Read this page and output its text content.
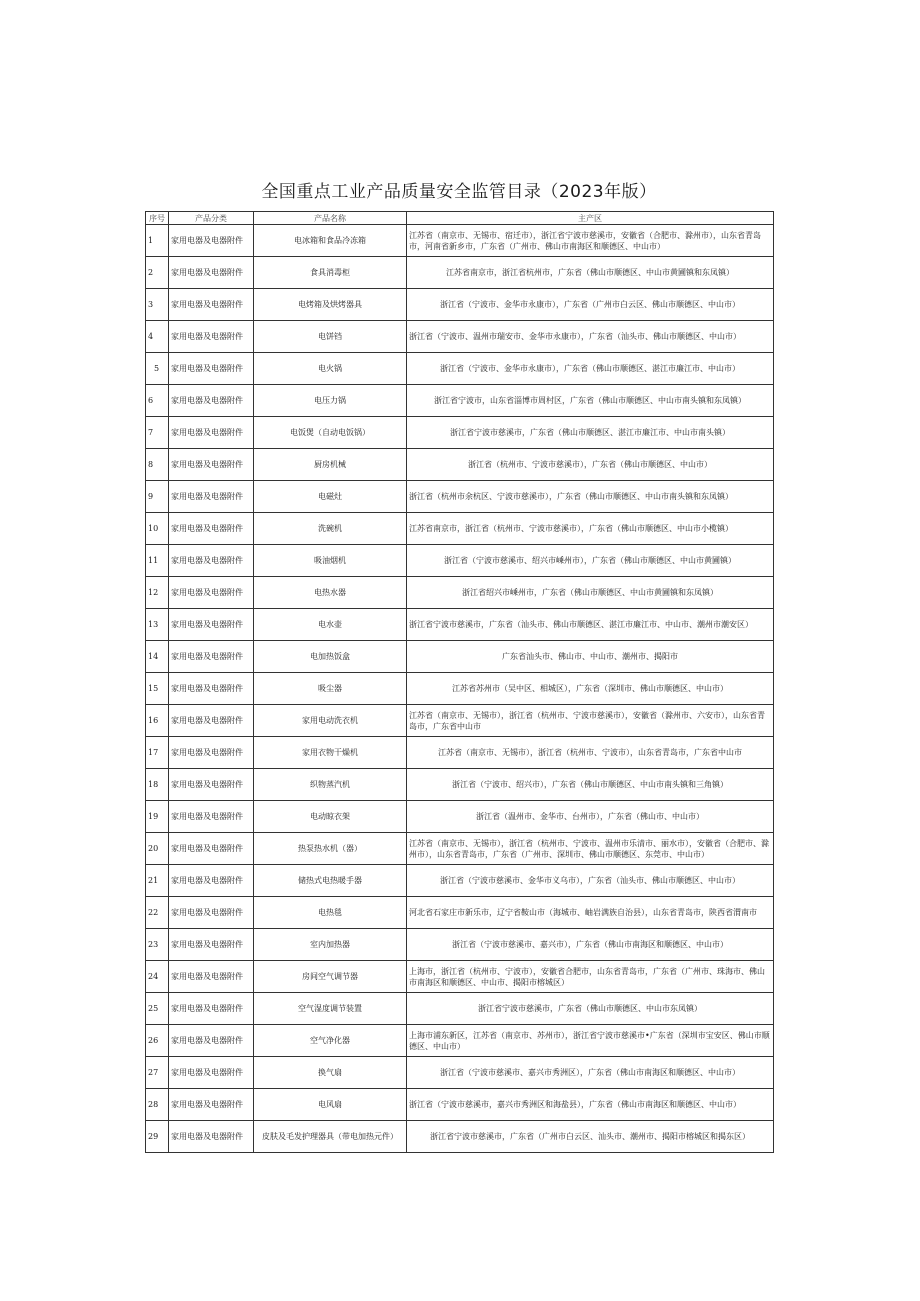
全国重点工业产品质量安全监管目录（2023年版）
序号	产品分类	产品名称	主产区
1	家用电器及电器附件	电冰箱和食品冷冻箱	江苏省（南京市、无锡市、宿迁市），浙江省宁波市慈溪市，安徽省（合肥市、滁州市），山东省青岛市，河南省新乡市，广东省（广州市、佛山市南海区和顺德区、中山市）
2	家用电器及电器附件	食具消毒柜	江苏省南京市，浙江省杭州市，广东省（佛山市顺德区、中山市黄圃镇和东凤镇）
3	家用电器及电器附件	电烤箱及烘烤器具	浙江省（宁波市、金华市永康市），广东省（广州市白云区、佛山市顺德区、中山市）
4	家用电器及电器附件	电饼铛	浙江省（宁波市、温州市瑞安市、金华市永康市），广东省（汕头市、佛山市顺德区、中山市）
5	家用电器及电器附件	电火锅	浙江省（宁波市、金华市永康市），广东省（佛山市顺德区、湛江市廉江市、中山市）
6	家用电器及电器附件	电压力锅	浙江省宁波市，山东省淄博市周村区，广东省（佛山市顺德区、中山市南头镇和东凤镇）
7	家用电器及电器附件	电饭煲（自动电饭锅）	浙江省宁波市慈溪市，广东省（佛山市顺德区、湛江市廉江市、中山市南头镇）
8	家用电器及电器附件	厨房机械	浙江省（杭州市、宁波市慈溪市），广东省（佛山市顺德区、中山市）
9	家用电器及电器附件	电磁灶	浙江省（杭州市余杭区、宁波市慈溪市），广东省（佛山市顺德区、中山市南头镇和东凤镇）
10	家用电器及电器附件	洗碗机	江苏省南京市，浙江省（杭州市、宁波市慈溪市），广东省（佛山市顺德区、中山市小榄镇）
11	家用电器及电器附件	吸油烟机	浙江省（宁波市慈溪市、绍兴市嵊州市），广东省（佛山市顺德区、中山市黄圃镇）
12	家用电器及电器附件	电热水器	浙江省绍兴市嵊州市，广东省（佛山市顺德区、中山市黄圃镇和东凤镇）
13	家用电器及电器附件	电水壶	浙江省宁波市慈溪市，广东省（汕头市、佛山市顺德区、湛江市廉江市、中山市、潮州市潮安区）
14	家用电器及电器附件	电加热饭盒	广东省汕头市、佛山市、中山市、潮州市、揭阳市
15	家用电器及电器附件	吸尘器	江苏省苏州市（吴中区、相城区），广东省（深圳市、佛山市顺德区、中山市）
16	家用电器及电器附件	家用电动洗衣机	江苏省（南京市、无锡市），浙江省（杭州市、宁波市慈溪市），安徽省（滁州市、六安市），山东省青岛市，广东省中山市
17	家用电器及电器附件	家用衣物干燥机	江苏省（南京市、无锡市），浙江省（杭州市、宁波市），山东省青岛市，广东省中山市
18	家用电器及电器附件	织物蒸汽机	浙江省（宁波市、绍兴市），广东省（佛山市顺德区、中山市南头镇和三角镇）
19	家用电器及电器附件	电动晾衣架	浙江省（温州市、金华市、台州市），广东省（佛山市、中山市）
20	家用电器及电器附件	热泵热水机（器）	江苏省（南京市、无锡市），浙江省（杭州市、宁波市、温州市乐清市、丽水市），安徽省（合肥市、滁州市），山东省青岛市，广东省（广州市、深圳市、佛山市顺德区、东莞市、中山市）
21	家用电器及电器附件	储热式电热暖手器	浙江省（宁波市慈溪市、金华市义乌市），广东省（汕头市、佛山市顺德区、中山市）
22	家用电器及电器附件	电热毯	河北省石家庄市新乐市，辽宁省鞍山市（海城市、岫岩满族自治县），山东省青岛市，陕西省渭南市
23	家用电器及电器附件	室内加热器	浙江省（宁波市慈溪市、嘉兴市），广东省（佛山市南海区和顺德区、中山市）
24	家用电器及电器附件	房间空气调节器	上海市，浙江省（杭州市、宁波市），安徽省合肥市，山东省青岛市，广东省（广州市、珠海市、佛山市南海区和顺德区、中山市、揭阳市榕城区）
25	家用电器及电器附件	空气湿度调节装置	浙江省宁波市慈溪市，广东省（佛山市顺德区、中山市东凤镇）
26	家用电器及电器附件	空气净化器	上海市浦东新区，江苏省（南京市、苏州市），浙江省宁波市慈溪市•广东省（深圳市宝安区、佛山市顺德区、中山市）
27	家用电器及电器附件	换气扇	浙江省（宁波市慈溪市、嘉兴市秀洲区），广东省（佛山市南海区和顺德区、中山市）
28	家用电器及电器附件	电风扇	浙江省（宁波市慈溪市，嘉兴市秀洲区和海盐县），广东省（佛山市南海区和顺德区、中山市）
29	家用电器及电器附件	皮肤及毛发护理器具（带电加热元件）	浙江省宁波市慈溪市，广东省（广州市白云区、汕头市、潮州市、揭阳市榕城区和揭东区）
